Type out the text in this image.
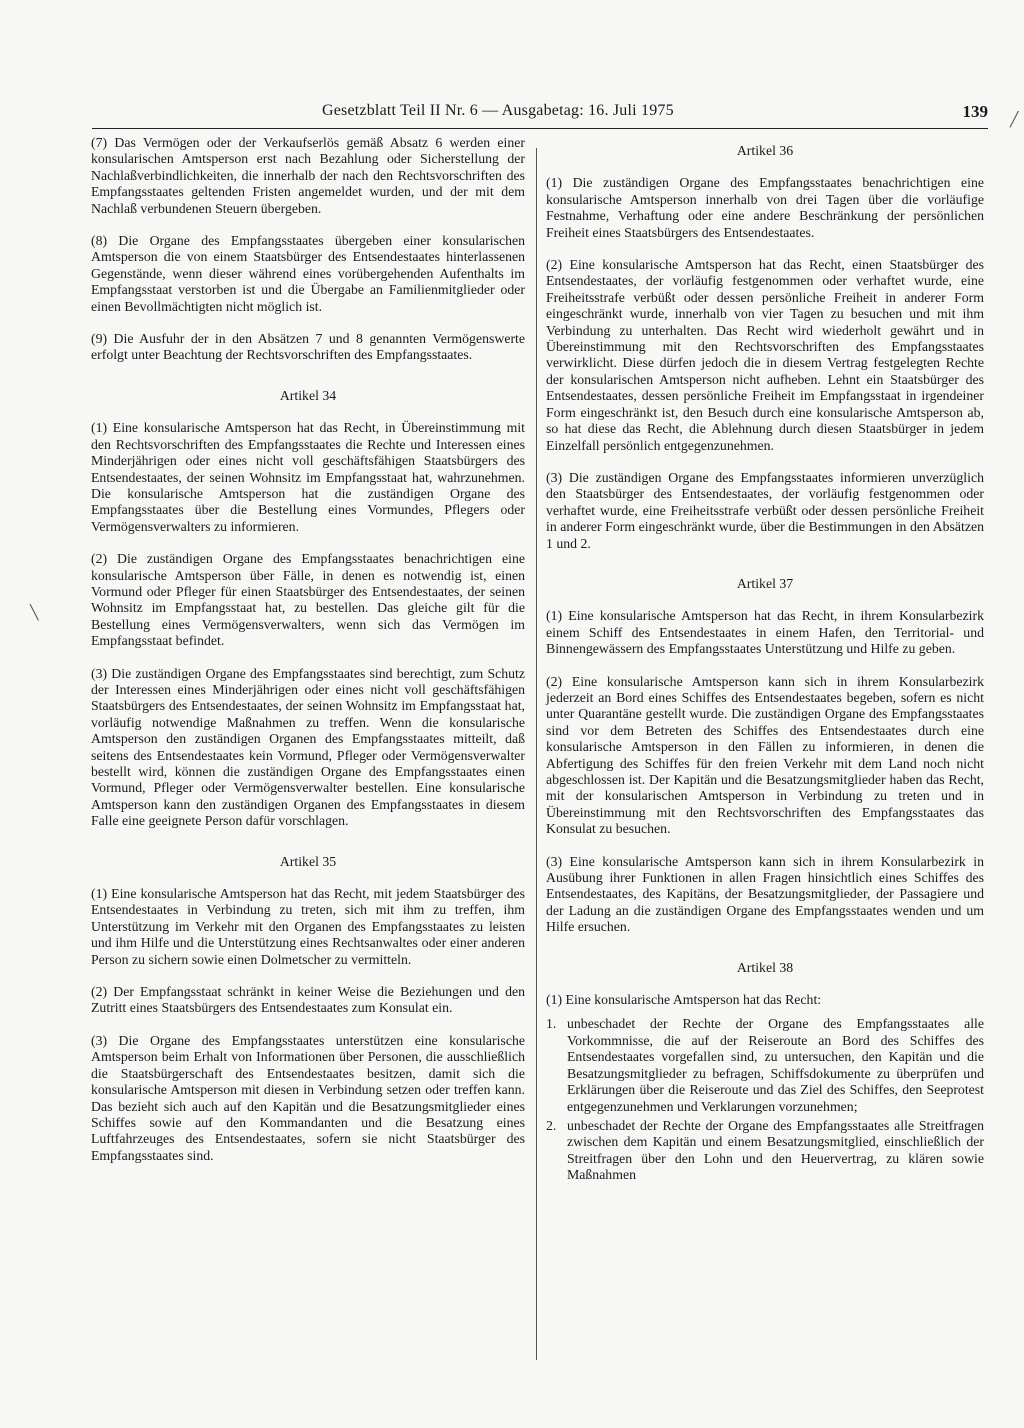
Gesetzblatt Teil II Nr. 6 — Ausgabetag: 16. Juli 1975	139 ╱
╲

(7) Das Vermögen oder der Verkaufserlös gemäß Absatz 6 werden einer konsularischen Amtsperson erst nach Bezahlung oder Sicherstellung der Nachlaßverbindlichkeiten, die innerhalb der nach den Rechtsvorschriften des Empfangsstaates geltenden Fristen angemeldet wurden, und der mit dem Nachlaß verbundenen Steuern übergeben.

(8) Die Organe des Empfangsstaates übergeben einer konsularischen Amtsperson die von einem Staatsbürger des Entsendestaates hinterlassenen Gegenstände, wenn dieser während eines vorübergehenden Aufenthalts im Empfangsstaat verstorben ist und die Übergabe an Familienmitglieder oder einen Bevollmächtigten nicht möglich ist.

(9) Die Ausfuhr der in den Absätzen 7 und 8 genannten Vermögenswerte erfolgt unter Beachtung der Rechtsvorschriften des Empfangsstaates.

Artikel 34

(1) Eine konsularische Amtsperson hat das Recht, in Übereinstimmung mit den Rechtsvorschriften des Empfangsstaates die Rechte und Interessen eines Minderjährigen oder eines nicht voll geschäftsfähigen Staatsbürgers des Entsendestaates, der seinen Wohnsitz im Empfangsstaat hat, wahrzunehmen. Die konsularische Amtsperson hat die zuständigen Organe des Empfangsstaates über die Bestellung eines Vormundes, Pflegers oder Vermögensverwalters zu informieren.

(2) Die zuständigen Organe des Empfangsstaates benachrichtigen eine konsularische Amtsperson über Fälle, in denen es notwendig ist, einen Vormund oder Pfleger für einen Staatsbürger des Entsendestaates, der seinen Wohnsitz im Empfangsstaat hat, zu bestellen. Das gleiche gilt für die Bestellung eines Vermögensverwalters, wenn sich das Vermögen im Empfangsstaat befindet.

(3) Die zuständigen Organe des Empfangsstaates sind berechtigt, zum Schutz der Interessen eines Minderjährigen oder eines nicht voll geschäftsfähigen Staatsbürgers des Entsendestaates, der seinen Wohnsitz im Empfangsstaat hat, vorläufig notwendige Maßnahmen zu treffen. Wenn die konsularische Amtsperson den zuständigen Organen des Empfangsstaates mitteilt, daß seitens des Entsendestaates kein Vormund, Pfleger oder Vermögensverwalter bestellt wird, können die zuständigen Organe des Empfangsstaates einen Vormund, Pfleger oder Vermögensverwalter bestellen. Eine konsularische Amtsperson kann den zuständigen Organen des Empfangsstaates in diesem Falle eine geeignete Person dafür vorschlagen.

Artikel 35

(1) Eine konsularische Amtsperson hat das Recht, mit jedem Staatsbürger des Entsendestaates in Verbindung zu treten, sich mit ihm zu treffen, ihm Unterstützung im Verkehr mit den Organen des Empfangsstaates zu leisten und ihm Hilfe und die Unterstützung eines Rechtsanwaltes oder einer anderen Person zu sichern sowie einen Dolmetscher zu vermitteln.

(2) Der Empfangsstaat schränkt in keiner Weise die Beziehungen und den Zutritt eines Staatsbürgers des Entsendestaates zum Konsulat ein.

(3) Die Organe des Empfangsstaates unterstützen eine konsularische Amtsperson beim Erhalt von Informationen über Personen, die ausschließlich die Staatsbürgerschaft des Entsendestaates besitzen, damit sich die konsularische Amtsperson mit diesen in Verbindung setzen oder treffen kann. Das bezieht sich auch auf den Kapitän und die Besatzungsmitglieder eines Schiffes sowie auf den Kommandanten und die Besatzung eines Luftfahrzeuges des Entsendestaates, sofern sie nicht Staatsbürger des Empfangsstaates sind.

Artikel 36

(1) Die zuständigen Organe des Empfangsstaates benachrichtigen eine konsularische Amtsperson innerhalb von drei Tagen über die vorläufige Festnahme, Verhaftung oder eine andere Beschränkung der persönlichen Freiheit eines Staatsbürgers des Entsendestaates.

(2) Eine konsularische Amtsperson hat das Recht, einen Staatsbürger des Entsendestaates, der vorläufig festgenommen oder verhaftet wurde, eine Freiheitsstrafe verbüßt oder dessen persönliche Freiheit in anderer Form eingeschränkt wurde, innerhalb von vier Tagen zu besuchen und mit ihm Verbindung zu unterhalten. Das Recht wird wiederholt gewährt und in Übereinstimmung mit den Rechtsvorschriften des Empfangsstaates verwirklicht. Diese dürfen jedoch die in diesem Vertrag festgelegten Rechte der konsularischen Amtsperson nicht aufheben. Lehnt ein Staatsbürger des Entsendestaates, dessen persönliche Freiheit im Empfangsstaat in irgendeiner Form eingeschränkt ist, den Besuch durch eine konsularische Amtsperson ab, so hat diese das Recht, die Ablehnung durch diesen Staatsbürger in jedem Einzelfall persönlich entgegenzunehmen.

(3) Die zuständigen Organe des Empfangsstaates informieren unverzüglich den Staatsbürger des Entsendestaates, der vorläufig festgenommen oder verhaftet wurde, eine Freiheitsstrafe verbüßt oder dessen persönliche Freiheit in anderer Form eingeschränkt wurde, über die Bestimmungen in den Absätzen 1 und 2.

Artikel 37

(1) Eine konsularische Amtsperson hat das Recht, in ihrem Konsularbezirk einem Schiff des Entsendestaates in einem Hafen, den Territorial- und Binnengewässern des Empfangsstaates Unterstützung und Hilfe zu geben.

(2) Eine konsularische Amtsperson kann sich in ihrem Konsularbezirk jederzeit an Bord eines Schiffes des Entsendestaates begeben, sofern es nicht unter Quarantäne gestellt wurde. Die zuständigen Organe des Empfangsstaates sind vor dem Betreten des Schiffes des Entsendestaates durch eine konsularische Amtsperson in den Fällen zu informieren, in denen die Abfertigung des Schiffes für den freien Verkehr mit dem Land noch nicht abgeschlossen ist. Der Kapitän und die Besatzungsmitglieder haben das Recht, mit der konsularischen Amtsperson in Verbindung zu treten und in Übereinstimmung mit den Rechtsvorschriften des Empfangsstaates das Konsulat zu besuchen.

(3) Eine konsularische Amtsperson kann sich in ihrem Konsularbezirk in Ausübung ihrer Funktionen in allen Fragen hinsichtlich eines Schiffes des Entsendestaates, des Kapitäns, der Besatzungsmitglieder, der Passagiere und der Ladung an die zuständigen Organe des Empfangsstaates wenden und um Hilfe ersuchen.

Artikel 38

(1) Eine konsularische Amtsperson hat das Recht:

1. unbeschadet der Rechte der Organe des Empfangsstaates alle Vorkommnisse, die auf der Reiseroute an Bord des Schiffes des Entsendestaates vorgefallen sind, zu untersuchen, den Kapitän und die Besatzungsmitglieder zu befragen, Schiffsdokumente zu überprüfen und Erklärungen über die Reiseroute und das Ziel des Schiffes, den Seeprotest entgegenzunehmen und Verklarungen vorzunehmen;
2. unbeschadet der Rechte der Organe des Empfangsstaates alle Streitfragen zwischen dem Kapitän und einem Besatzungsmitglied, einschließlich der Streitfragen über den Lohn und den Heuervertrag, zu klären sowie Maßnahmen
